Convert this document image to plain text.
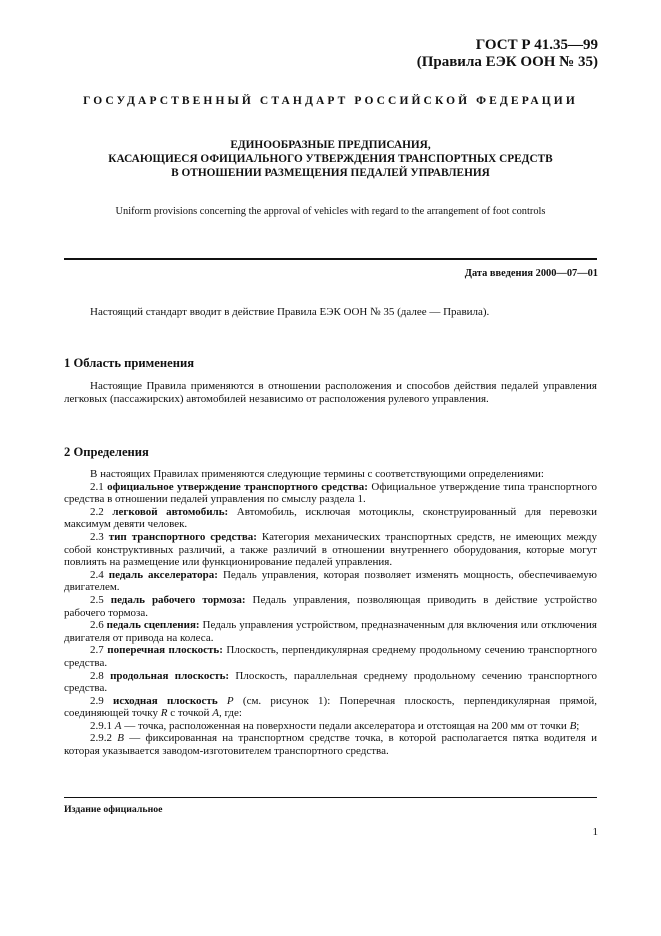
ГОСТ Р 41.35—99
(Правила ЕЭК ООН № 35)
ГОСУДАРСТВЕННЫЙ СТАНДАРТ РОССИЙСКОЙ ФЕДЕРАЦИИ
ЕДИНООБРАЗНЫЕ ПРЕДПИСАНИЯ,
КАСАЮЩИЕСЯ ОФИЦИАЛЬНОГО УТВЕРЖДЕНИЯ ТРАНСПОРТНЫХ СРЕДСТВ
В ОТНОШЕНИИ РАЗМЕЩЕНИЯ ПЕДАЛЕЙ УПРАВЛЕНИЯ
Uniform provisions concerning the approval of vehicles with regard to the arrangement of foot controls
Дата введения 2000—07—01
Настоящий стандарт вводит в действие Правила ЕЭК ООН № 35 (далее — Правила).
1 Область применения
Настоящие Правила применяются в отношении расположения и способов действия педалей управления легковых (пассажирских) автомобилей независимо от расположения рулевого управления.
2 Определения
В настоящих Правилах применяются следующие термины с соответствующими определениями:
2.1 официальное утверждение транспортного средства: Официальное утверждение типа транспортного средства в отношении педалей управления по смыслу раздела 1.
2.2 легковой автомобиль: Автомобиль, исключая мотоциклы, сконструированный для перевозки максимум девяти человек.
2.3 тип транспортного средства: Категория механических транспортных средств, не имеющих между собой конструктивных различий, а также различий в отношении внутреннего оборудования, которые могут повлиять на размещение или функционирование педалей управления.
2.4 педаль акселератора: Педаль управления, которая позволяет изменять мощность, обеспечиваемую двигателем.
2.5 педаль рабочего тормоза: Педаль управления, позволяющая приводить в действие устройство рабочего тормоза.
2.6 педаль сцепления: Педаль управления устройством, предназначенным для включения или отключения двигателя от привода на колеса.
2.7 поперечная плоскость: Плоскость, перпендикулярная среднему продольному сечению транспортного средства.
2.8 продольная плоскость: Плоскость, параллельная среднему продольному сечению транспортного средства.
2.9 исходная плоскость P (см. рисунок 1): Поперечная плоскость, перпендикулярная прямой, соединяющей точку R с точкой A, где:
2.9.1 A — точка, расположенная на поверхности педали акселератора и отстоящая на 200 мм от точки B;
2.9.2 B — фиксированная на транспортном средстве точка, в которой располагается пятка водителя и которая указывается заводом-изготовителем транспортного средства.
Издание официальное
1
